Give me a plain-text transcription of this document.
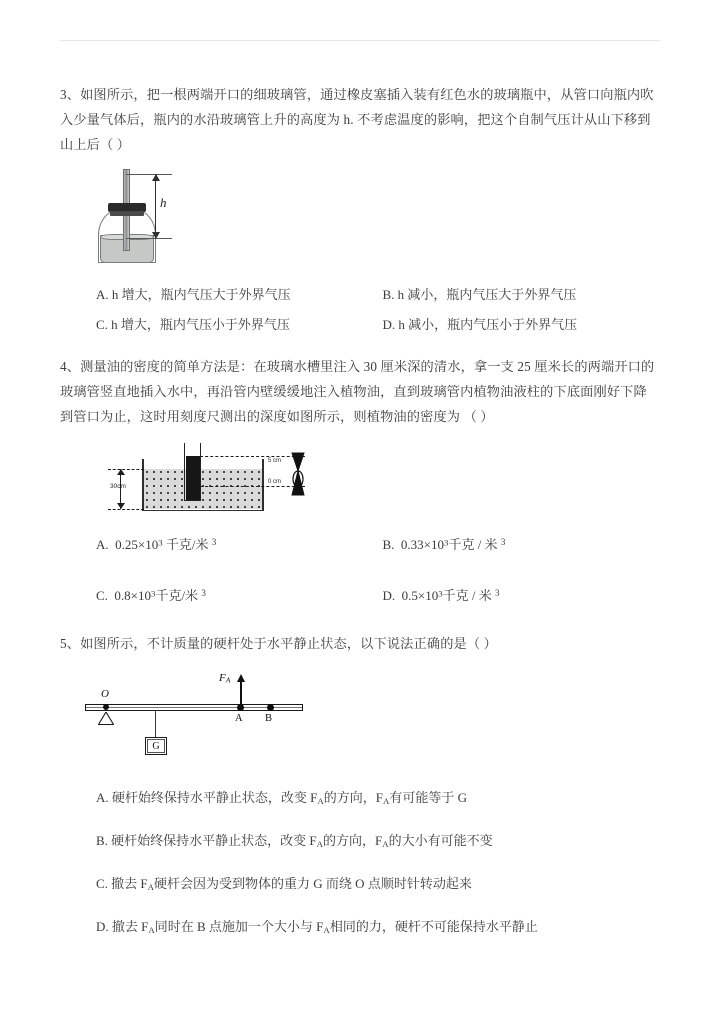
3、如图所示，把一根两端开口的细玻璃管，通过橡皮塞插入装有红色水的玻璃瓶中，从管口向瓶内吹
入少量气体后，瓶内的水沿玻璃管上升的高度为 h. 不考虑温度的影响，把这个自制气压计从山下移到
山上后（ ）
h
A. h 增大，瓶内气压大于外界气压	B. h 减小，瓶内气压大于外界气压
C. h 增大，瓶内气压小于外界气压	D. h 减小，瓶内气压小于外界气压
4、测量油的密度的简单方法是：在玻璃水槽里注入 30 厘米深的清水，拿一支 25 厘米长的两端开口的
玻璃管竖直地插入水中，再沿管内壁缓缓地注入植物油，直到玻璃管内植物油液柱的下底面刚好下降
到管口为止，这时用刻度尺测出的深度如图所示，则植物油的密度为 （ ）
30cm
5 cm
0 cm
A. $0.25\times 10^3$ 千克/米 $^3$	B. $0.33\times 10^3$千克 / 米 $^3$
C. $0.8\times 10^3$千克/米 $^3$	D. $0.5\times 10^3$千克 / 米 $^3$
5、如图所示，不计质量的硬杆处于水平静止状态，以下说法正确的是（ ）
O
G
$F_A$
A B
A. 硬杆始终保持水平静止状态，改变 $F_A$的方向，$F_A$有可能等于 G
B. 硬杆始终保持水平静止状态，改变 $F_A$的方向，$F_A$的大小有可能不变
C. 撤去 $F_A$硬杆会因为受到物体的重力 G 而绕 O 点顺时针转动起来
D. 撤去 $F_A$同时在 B 点施加一个大小与 $F_A$相同的力，硬杆不可能保持水平静止
